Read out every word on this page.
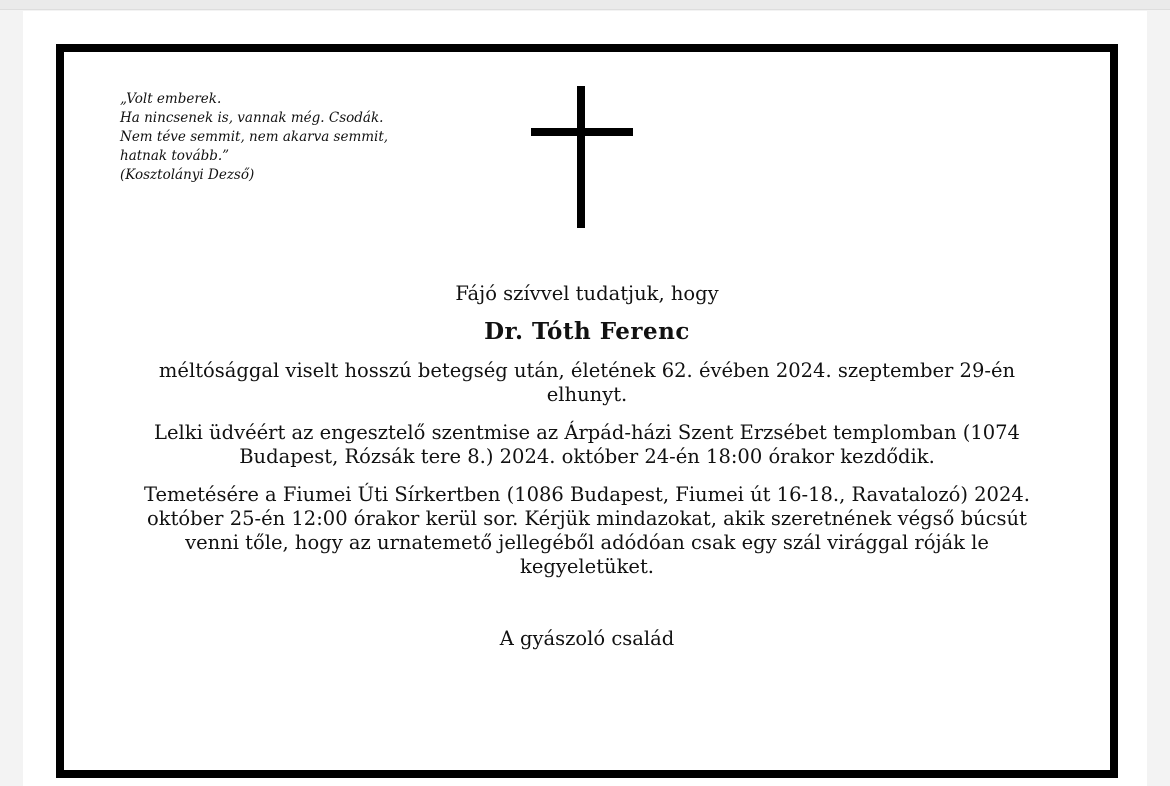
„Volt emberek.
Ha nincsenek is, vannak még. Csodák.
Nem téve semmit, nem akarva semmit,
hatnak tovább.”
(Kosztolányi Dezső)
Fájó szívvel tudatjuk, hogy
Dr. Tóth Ferenc
méltósággal viselt hosszú betegség után, életének 62. évében 2024. szeptember 29-én elhunyt.
Lelki üdvéért az engesztelő szentmise az Árpád-házi Szent Erzsébet templomban (1074 Budapest, Rózsák tere 8.) 2024. október 24-én 18:00 órakor kezdődik.
Temetésére a Fiumei Úti Sírkertben (1086 Budapest, Fiumei út 16-18., Ravatalozó) 2024. október 25-én 12:00 órakor kerül sor. Kérjük mindazokat, akik szeretnének végső búcsút venni tőle, hogy az urnatemető jellegéből adódóan csak egy szál virággal róják le kegyeletüket.
A gyászoló család
